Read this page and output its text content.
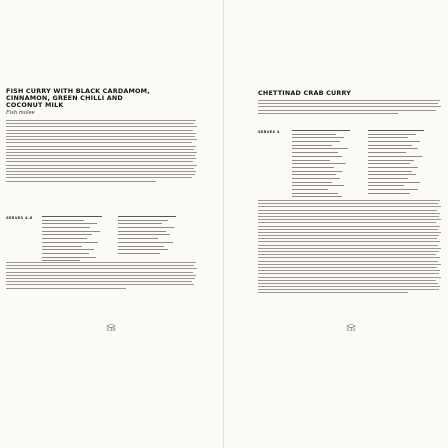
FISH CURRY WITH BLACK CARDAMOM,
CINNAMON, GREEN CHILLI AND
COCONUT MILK
Fish molee
SERVES 4–6
130
CHETTINAD CRAB CURRY
SERVES 4
131
